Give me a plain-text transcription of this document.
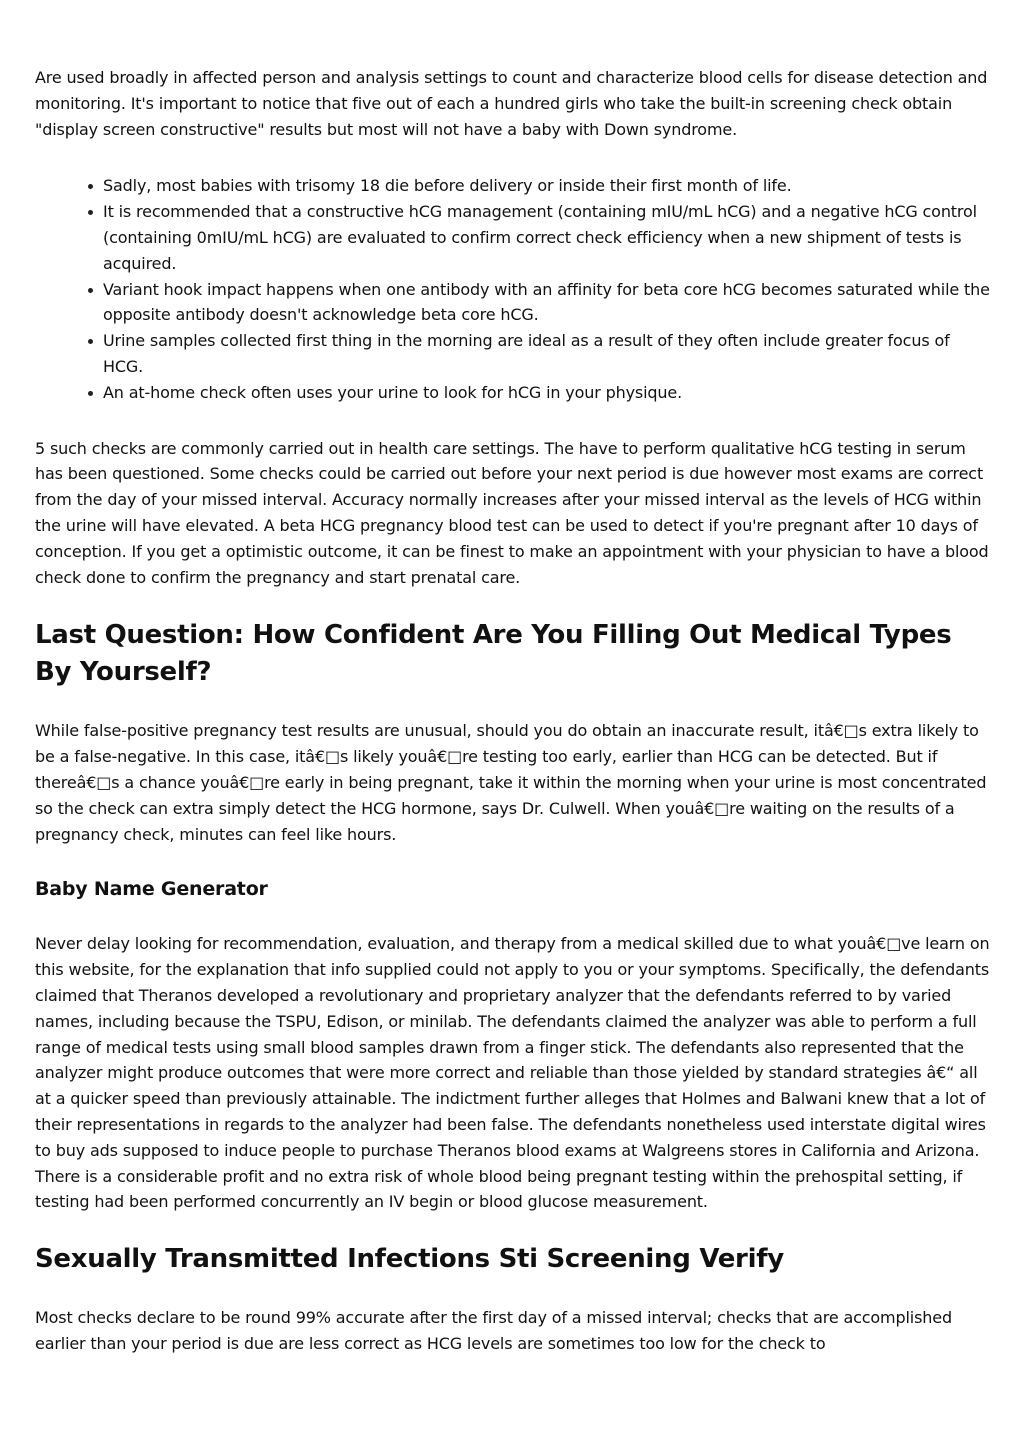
Are used broadly in affected person and analysis settings to count and characterize blood cells for disease detection and monitoring. It's important to notice that five out of each a hundred girls who take the built-in screening check obtain "display screen constructive" results but most will not have a baby with Down syndrome.

Sadly, most babies with trisomy 18 die before delivery or inside their first month of life.
It is recommended that a constructive hCG management (containing mIU/mL hCG) and a negative hCG control (containing 0mIU/mL hCG) are evaluated to confirm correct check efficiency when a new shipment of tests is acquired.
Variant hook impact happens when one antibody with an affinity for beta core hCG becomes saturated while the opposite antibody doesn't acknowledge beta core hCG.
Urine samples collected first thing in the morning are ideal as a result of they often include greater focus of HCG.
An at-home check often uses your urine to look for hCG in your physique.

5 such checks are commonly carried out in health care settings. The have to perform qualitative hCG testing in serum has been questioned. Some checks could be carried out before your next period is due however most exams are correct from the day of your missed interval. Accuracy normally increases after your missed interval as the levels of HCG within the urine will have elevated. A beta HCG pregnancy blood test can be used to detect if you're pregnant after 10 days of conception. If you get a optimistic outcome, it can be finest to make an appointment with your physician to have a blood check done to confirm the pregnancy and start prenatal care.

Last Question: How Confident Are You Filling Out Medical Types By Yourself?

While false-positive pregnancy test results are unusual, should you do obtain an inaccurate result, itâ€□s extra likely to be a false-negative. In this case, itâ€□s likely youâ€□re testing too early, earlier than HCG can be detected. But if thereâ€□s a chance youâ€□re early in being pregnant, take it within the morning when your urine is most concentrated so the check can extra simply detect the HCG hormone, says Dr. Culwell. When youâ€□re waiting on the results of a pregnancy check, minutes can feel like hours.

Baby Name Generator

Never delay looking for recommendation, evaluation, and therapy from a medical skilled due to what youâ€□ve learn on this website, for the explanation that info supplied could not apply to you or your symptoms. Specifically, the defendants claimed that Theranos developed a revolutionary and proprietary analyzer that the defendants referred to by varied names, including because the TSPU, Edison, or minilab. The defendants claimed the analyzer was able to perform a full range of medical tests using small blood samples drawn from a finger stick. The defendants also represented that the analyzer might produce outcomes that were more correct and reliable than those yielded by standard strategies â€“ all at a quicker speed than previously attainable. The indictment further alleges that Holmes and Balwani knew that a lot of their representations in regards to the analyzer had been false. The defendants nonetheless used interstate digital wires to buy ads supposed to induce people to purchase Theranos blood exams at Walgreens stores in California and Arizona. There is a considerable profit and no extra risk of whole blood being pregnant testing within the prehospital setting, if testing had been performed concurrently an IV begin or blood glucose measurement.

Sexually Transmitted Infections Sti Screening Verify

Most checks declare to be round 99% accurate after the first day of a missed interval; checks that are accomplished earlier than your period is due are less correct as HCG levels are sometimes too low for the check to
